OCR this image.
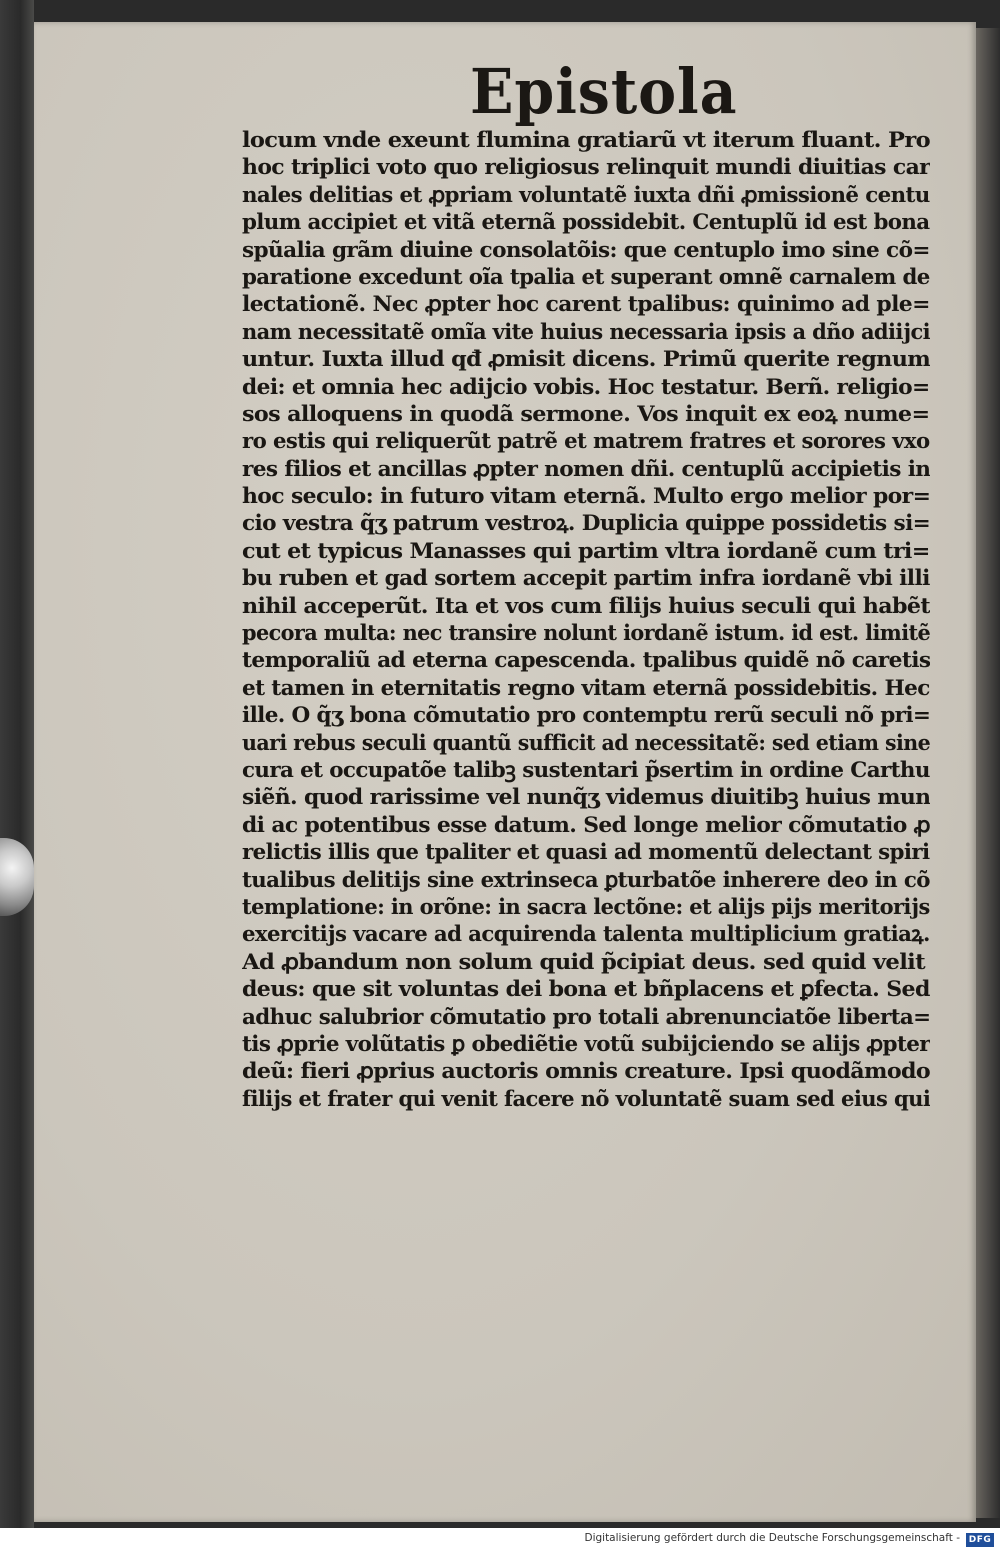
Epistola
locum vnde exeunt flumina gratiarũ vt iterum fluant. Pro
hoc triplici voto quo religiosus relinquit mundi diuitias car
nales delitias et ꝓpriam voluntatẽ iuxta dñi ꝓmissionẽ centu
plum accipiet et vitã eternã possidebit. Centuplũ id est bona
spũalia grãm diuine consolatõis: que centuplo imo sine cõ=
paratione excedunt oĩa tpalia et superant omnẽ carnalem de
lectationẽ. Nec ꝓpter hoc carent tpalibus: quinimo ad ple=
nam necessitatẽ omĩa vite huius necessaria ipsis a dño adiĳci
untur. Iuxta illud qđ ꝓmisit dicens. Primũ querite regnum
dei: et omnia hec adĳcio vobis. Hoc testatur. Berñ. religio=
sos alloquens in quodã sermone. Vos inquit ex eoꝝ nume=
ro estis qui reliquerũt patrẽ et matrem fratres et sorores vxo
res filios et ancillas ꝓpter nomen dñi. centuplũ accipietis in
hoc seculo: in futuro vitam eternã. Multo ergo melior por=
cio vestra q̃ʒ patrum vestroꝝ. Duplicia quippe possidetis si=
cut et typicus Manasses qui partim vltra iordanẽ cum tri=
bu ruben et gad sortem accepit partim infra iordanẽ vbi illi
nihil acceperũt. Ita et vos cum filĳs huius seculi qui habẽt
pecora multa: nec transire nolunt iordanẽ istum. id est. limitẽ
temporaliũ ad eterna capescenda. tpalibus quidẽ nõ caretis
et tamen in eternitatis regno vitam eternã possidebitis. Hec
ille. O q̃ʒ bona cõmutatio pro contemptu rerũ seculi nõ pri=
uari rebus seculi quantũ sufficit ad necessitatẽ: sed etiam sine
cura et occupatõe talibꝫ sustentari p̃sertim in ordine Carthu
siẽñ. quod rarissime vel nunq̃ʒ videmus diuitibꝫ huius mun
di ac potentibus esse datum. Sed longe melior cõmutatio ꝓ
relictis illis que tpaliter et quasi ad momentũ delectant spiri
tualibus delitĳs sine extrinseca ꝑturbatõe inherere deo in cõ
templatione: in orõne: in sacra lectõne: et alĳs pĳs meritorĳs
exercitĳs vacare ad acquirenda talenta multiplicium gratiaꝝ.
Ad ꝓbandum non solum quid p̃cipiat deus. sed quid velit
deus: que sit voluntas dei bona et bñplacens et ꝑfecta. Sed
adhuc salubrior cõmutatio pro totali abrenunciatõe liberta=
tis ꝓprie volũtatis ꝑ obediẽtie votũ subĳciendo se alĳs ꝓpter
deũ: fieri ꝓprius auctoris omnis creature. Ipsi quodãmodo
filĳs et frater qui venit facere nõ voluntatẽ suam sed eius qui
Digitalisierung gefördert durch die Deutsche Forschungsgemeinschaft - DFG
